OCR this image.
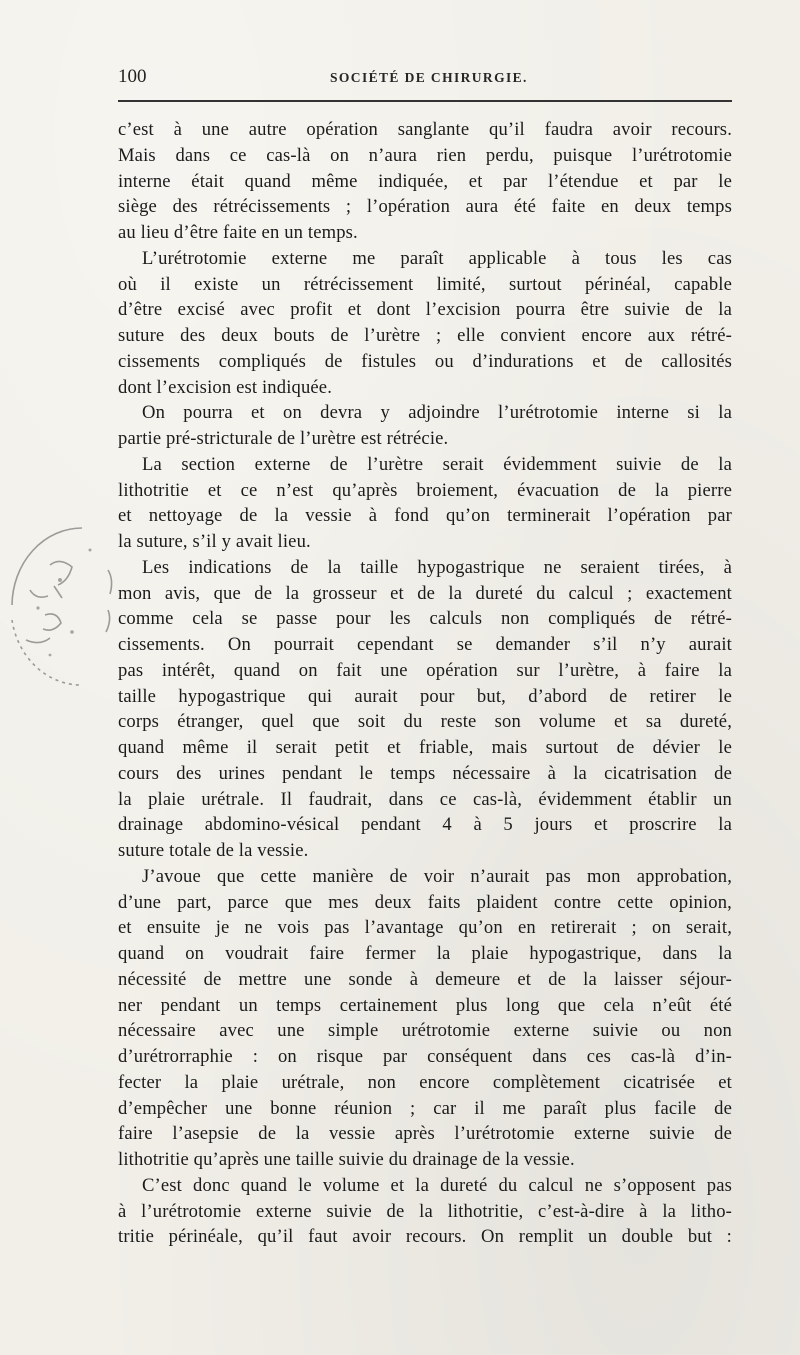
100	SOCIÉTÉ DE CHIRURGIE.
c’est à une autre opération sanglante qu’il faudra avoir recours.
Mais dans ce cas-là on n’aura rien perdu, puisque l’urétrotomie
interne était quand même indiquée, et par l’étendue et par le
siège des rétrécissements ; l’opération aura été faite en deux temps
au lieu d’être faite en un temps.
L’urétrotomie externe me paraît applicable à tous les cas
où il existe un rétrécissement limité, surtout périnéal, capable
d’être excisé avec profit et dont l’excision pourra être suivie de la
suture des deux bouts de l’urètre ; elle convient encore aux rétré-
cissements compliqués de fistules ou d’indurations et de callosités
dont l’excision est indiquée.
On pourra et on devra y adjoindre l’urétrotomie interne si la
partie pré-stricturale de l’urètre est rétrécie.
La section externe de l’urètre serait évidemment suivie de la
lithotritie et ce n’est qu’après broiement, évacuation de la pierre
et nettoyage de la vessie à fond qu’on terminerait l’opération par
la suture, s’il y avait lieu.
Les indications de la taille hypogastrique ne seraient tirées, à
mon avis, que de la grosseur et de la dureté du calcul ; exactement
comme cela se passe pour les calculs non compliqués de rétré-
cissements. On pourrait cependant se demander s’il n’y aurait
pas intérêt, quand on fait une opération sur l’urètre, à faire la
taille hypogastrique qui aurait pour but, d’abord de retirer le
corps étranger, quel que soit du reste son volume et sa dureté,
quand même il serait petit et friable, mais surtout de dévier le
cours des urines pendant le temps nécessaire à la cicatrisation de
la plaie urétrale. Il faudrait, dans ce cas-là, évidemment établir un
drainage abdomino-vésical pendant 4 à 5 jours et proscrire la
suture totale de la vessie.
J’avoue que cette manière de voir n’aurait pas mon approbation,
d’une part, parce que mes deux faits plaident contre cette opinion,
et ensuite je ne vois pas l’avantage qu’on en retirerait ; on serait,
quand on voudrait faire fermer la plaie hypogastrique, dans la
nécessité de mettre une sonde à demeure et de la laisser séjour-
ner pendant un temps certainement plus long que cela n’eût été
nécessaire avec une simple urétrotomie externe suivie ou non
d’urétrorraphie : on risque par conséquent dans ces cas-là d’in-
fecter la plaie urétrale, non encore complètement cicatrisée et
d’empêcher une bonne réunion ; car il me paraît plus facile de
faire l’asepsie de la vessie après l’urétrotomie externe suivie de
lithotritie qu’après une taille suivie du drainage de la vessie.
C’est donc quand le volume et la dureté du calcul ne s’opposent pas
à l’urétrotomie externe suivie de la lithotritie, c’est-à-dire à la litho-
tritie périnéale, qu’il faut avoir recours. On remplit un double but :
